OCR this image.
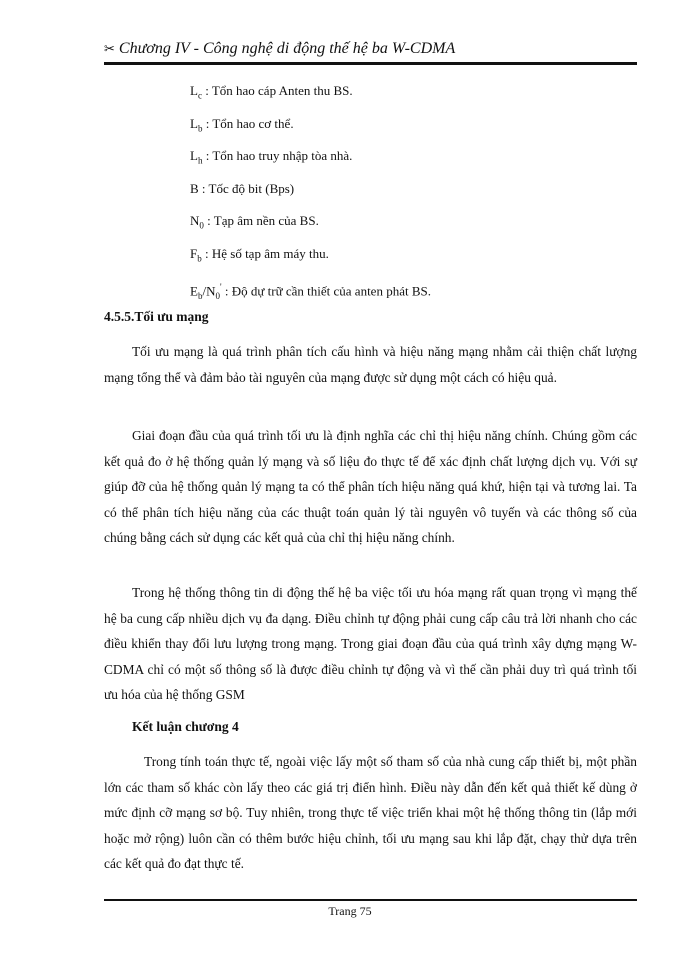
✂ Chương IV - Công nghệ di động thế hệ ba W-CDMA
$L_c$ : Tổn hao cáp Anten thu BS.
$L_b$ : Tổn hao cơ thể.
$L_h$ : Tổn hao truy nhập tòa nhà.
B : Tốc độ bit (Bps)
$N_0$ : Tạp âm nền của BS.
$F_b$ : Hệ số tạp âm máy thu.
$E_b/N_0'$ : Độ dự trữ cần thiết của anten phát BS.
4.5.5.Tối ưu mạng

Tối ưu mạng là quá trình phân tích cấu hình và hiệu năng mạng nhằm cải thiện chất lượng mạng tổng thể và đảm bảo tài nguyên của mạng được sử dụng một cách có hiệu quả.

Giai đoạn đầu của quá trình tối ưu là định nghĩa các chỉ thị hiệu năng chính. Chúng gồm các kết quả đo ở hệ thống quản lý mạng và số liệu đo thực tế để xác định chất lượng dịch vụ. Với sự giúp đỡ của hệ thống quản lý mạng ta có thể phân tích hiệu năng quá khứ, hiện tại và tương lai. Ta có thể phân tích hiệu năng của các thuật toán quản lý tài nguyên vô tuyến và các thông số của chúng bằng cách sử dụng các kết quả của chỉ thị hiệu năng chính.

Trong hệ thống thông tin di động thế hệ ba việc tối ưu hóa mạng rất quan trọng vì mạng thế hệ ba cung cấp nhiều dịch vụ đa dạng. Điều chỉnh tự động phải cung cấp câu trả lời nhanh cho các điều khiển thay đổi lưu lượng trong mạng. Trong giai đoạn đầu của quá trình xây dựng mạng W-CDMA chỉ có một số thông số là được điều chỉnh tự động và vì thế cần phải duy trì quá trình tối ưu hóa của hệ thống GSM

Kết luận chương 4

Trong tính toán thực tế, ngoài việc lấy một số tham số của nhà cung cấp thiết bị, một phần lớn các tham số khác còn lấy theo các giá trị điển hình. Điều này dẫn đến kết quả thiết kế dùng ở mức định cỡ mạng sơ bộ. Tuy nhiên, trong thực tế việc triển khai một hệ thống thông tin (lắp mới hoặc mở rộng) luôn cần có thêm bước hiệu chỉnh, tối ưu mạng sau khi lắp đặt, chạy thử dựa trên các kết quả đo đạt thực tế.

Trang 75
